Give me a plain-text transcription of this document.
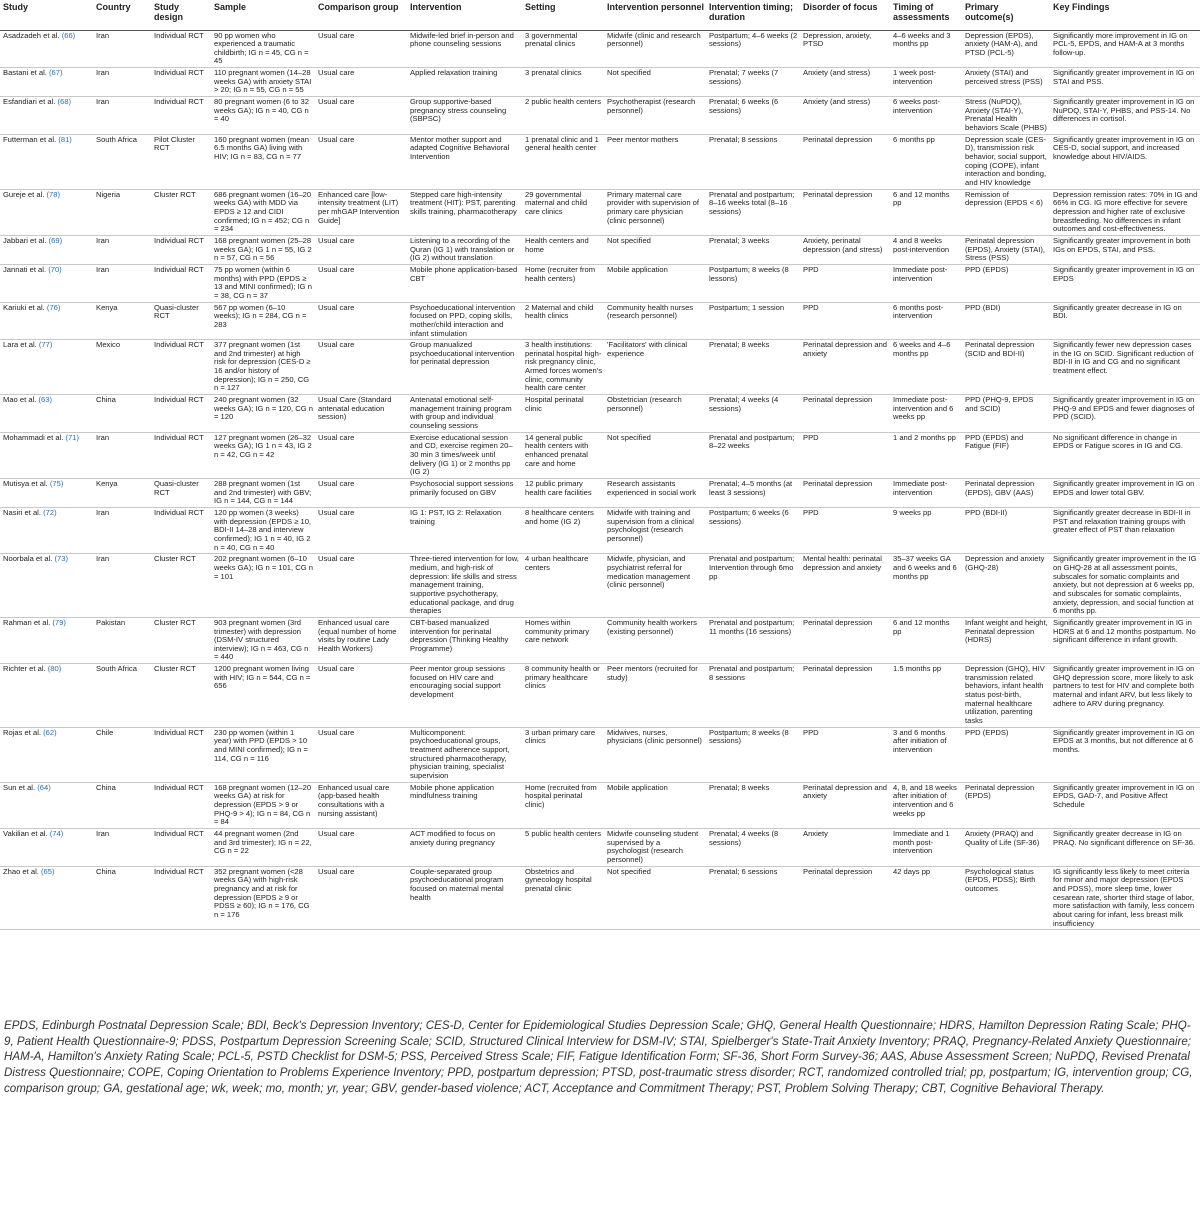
Study	Country	Study design	Sample	Comparison group	Intervention	Setting	Intervention personnel	Intervention timing; duration	Disorder of focus	Timing of assessments	Primary outcome(s)	Key Findings
Asadzadeh et al. (66)	Iran	Individual RCT	90 pp women who experienced a traumatic childbirth; IG n = 45, CG n = 45	Usual care	Midwife-led brief in-person and phone counseling sessions	3 governmental prenatal clinics	Midwife (clinic and research personnel)	Postpartum; 4–6 weeks (2 sessions)	Depression, anxiety, PTSD	4–6 weeks and 3 months pp	Depression (EPDS), anxiety (HAM-A), and PTSD (PCL-5)	Significantly more improvement in IG on PCL-5, EPDS, and HAM-A at 3 months follow-up.
Bastani et al. (67)	Iran	Individual RCT	110 pregnant women (14–28 weeks GA) with anxiety STAI > 20; IG n = 55, CG n = 55	Usual care	Applied relaxation training	3 prenatal clinics	Not specified	Prenatal; 7 weeks (7 sessions)	Anxiety (and stress)	1 week post-intervention	Anxiety (STAI) and perceived stress (PSS)	Significantly greater improvement in IG on STAI and PSS.
Esfandiari et al. (68)	Iran	Individual RCT	80 pregnant women (6 to 32 weeks GA); IG n = 40, CG n = 40	Usual care	Group supportive-based pregnancy stress counseling (SBPSC)	2 public health centers	Psychotherapist (research personnel)	Prenatal; 6 weeks (6 sessions)	Anxiety (and stress)	6 weeks post-intervention	Stress (NuPDQ), Anxiety (STAI-Y), Prenatal Health behaviors Scale (PHBS)	Significantly greater improvement in IG on NuPDQ, STAI-Y, PHBS, and PSS-14. No differences in cortisol.
Futterman et al. (81)	South Africa	Pilot Cluster RCT	160 pregnant women (mean 6.5 months GA) living with HIV; IG n = 83, CG n = 77	Usual care	Mentor mother support and adapted Cognitive Behavioral Intervention	1 prenatal clinic and 1 general health center	Peer mentor mothers	Prenatal; 8 sessions	Perinatal depression	6 months pp	Depression scale (CES-D), transmission risk behavior, social support, coping (COPE), infant interaction and bonding, and HIV knowledge	Significantly greater improvement in IG on CES-D, social support, and increased knowledge about HIV/AIDS.
Gureje et al. (78)	Nigeria	Cluster RCT	686 pregnant women (16–20 weeks GA) with MDD via EPDS ≥ 12 and CIDI confirmed; IG n = 452; CG n = 234	Enhanced care [low-intensity treatment (LIT) per mhGAP Intervention Guide]	Stepped care high-intensity treatment (HIT): PST, parenting skills training, pharmacotherapy	29 governmental maternal and child care clinics	Primary maternal care provider with supervision of primary care physician (clinic personnel)	Prenatal and postpartum; 8–16 weeks total (8–16 sessions)	Perinatal depression	6 and 12 months pp	Remission of depression (EPDS < 6)	Depression remission rates: 70% in IG and 66% in CG. IG more effective for severe depression and higher rate of exclusive breastfeeding. No differences in infant outcomes and cost-effectiveness.
Jabbari et al. (69)	Iran	Individual RCT	168 pregnant women (25–28 weeks GA); IG 1 n = 55, IG 2 n = 57, CG n = 56	Usual care	Listening to a recording of the Quran (IG 1) with translation or (IG 2) without translation	Health centers and home	Not specified	Prenatal; 3 weeks	Anxiety, perinatal depression (and stress)	4 and 8 weeks post-intervention	Perinatal depression (EPDS), Anxiety (STAI), Stress (PSS)	Significantly greater improvement in both IGs on EPDS, STAI, and PSS.
Jannati et al. (70)	Iran	Individual RCT	75 pp women (within 6 months) with PPD (EPDS ≥ 13 and MINI confirmed); IG n = 38, CG n = 37	Usual care	Mobile phone application-based CBT	Home (recruiter from health centers)	Mobile application	Postpartum; 8 weeks (8 lessons)	PPD	Immediate post-intervention	PPD (EPDS)	Significantly greater improvement in IG on EPDS
Kariuki et al. (76)	Kenya	Quasi-cluster RCT	567 pp women (6–10 weeks); IG n = 284, CG n = 283	Usual care	Psychoeducational intervention focused on PPD, coping skills, mother/child interaction and infant stimulation	2 Maternal and child health clinics	Community health nurses (research personnel)	Postpartum; 1 session	PPD	6 months post-intervention	PPD (BDI)	Significantly greater decrease in IG on BDI.
Lara et al. (77)	Mexico	Individual RCT	377 pregnant women (1st and 2nd trimester) at high risk for depression (CES-D ≥ 16 and/or history of depression); IG n = 250, CG n = 127	Usual care	Group manualized psychoeducational intervention for perinatal depression	3 health institutions: perinatal hospital high-risk pregnancy clinic, Armed forces women's clinic, community health care center	'Facilitators' with clinical experience	Prenatal; 8 weeks	Perinatal depression and anxiety	6 weeks and 4–6 months pp	Perinatal depression (SCID and BDI-II)	Significantly fewer new depression cases in the IG on SCID. Significant reduction of BDI-II in IG and CG and no significant treatment effect.
Mao et al. (63)	China	Individual RCT	240 pregnant women (32 weeks GA); IG n = 120, CG n = 120	Usual Care (Standard antenatal education session)	Antenatal emotional self-management training program with group and individual counseling sessions	Hospital perinatal clinic	Obstetrician (research personnel)	Prenatal; 4 weeks (4 sessions)	Perinatal depression	Immediate post-intervention and 6 weeks pp	PPD (PHQ-9, EPDS and SCID)	Significantly greater improvement in IG on PHQ-9 and EPDS and fewer diagnoses of PPD (SCID).
Mohammadi et al. (71)	Iran	Individual RCT	127 pregnant women (26–32 weeks GA); IG 1 n = 43, IG 2 n = 42, CG n = 42	Usual care	Exercise educational session and CD, exercise regimen 20–30 min 3 times/week until delivery (IG 1) or 2 months pp (IG 2)	14 general public health centers with enhanced prenatal care and home	Not specified	Prenatal and postpartum; 8–22 weeks	PPD	1 and 2 months pp	PPD (EPDS) and Fatigue (FIF)	No significant difference in change in EPDS or Fatigue scores in IG and CG.
Mutisya et al. (75)	Kenya	Quasi-cluster RCT	288 pregnant women (1st and 2nd trimester) with GBV; IG n = 144, CG n = 144	Usual care	Psychosocial support sessions primarily focused on GBV	12 public primary health care facilities	Research assistants experienced in social work	Prenatal; 4–5 months (at least 3 sessions)	Perinatal depression	Immediate post-intervention	Perinatal depression (EPDS), GBV (AAS)	Significantly greater improvement in IG on EPDS and lower total GBV.
Nasiri et al. (72)	Iran	Individual RCT	120 pp women (3 weeks) with depression (EPDS ≥ 10, BDI-II 14–28 and interview confirmed); IG 1 n = 40, IG 2 n = 40, CG n = 40	Usual care	IG 1: PST, IG 2: Relaxation training	8 healthcare centers and home (IG 2)	Midwife with training and supervision from a clinical psychologist (research personnel)	Postpartum; 6 weeks (6 sessions)	PPD	9 weeks pp	PPD (BDI-II)	Significantly greater decrease in BDI-II in PST and relaxation training groups with greater effect of PST than relaxation
Noorbala et al. (73)	Iran	Cluster RCT	202 pregnant women (6–10 weeks GA); IG n = 101, CG n = 101	Usual care	Three-tiered intervention for low, medium, and high-risk of depression: life skills and stress management training, supportive psychotherapy, educational package, and drug therapies	4 urban healthcare centers	Midwife, physician, and psychiatrist referral for medication management (clinic personnel)	Prenatal and postpartum; Intervention through 6mo pp	Mental health: perinatal depression and anxiety	35–37 weeks GA and 6 weeks and 6 months pp	Depression and anxiety (GHQ-28)	Significantly greater improvement in the IG on GHQ-28 at all assessment points, subscales for somatic complaints and anxiety, but not depression at 6 weeks pp, and subscales for somatic complaints, anxiety, depression, and social function at 6 months pp.
Rahman et al. (79)	Pakistan	Cluster RCT	903 pregnant women (3rd trimester) with depression (DSM-IV structured interview); IG n = 463, CG n = 440	Enhanced usual care (equal number of home visits by routine Lady Health Workers)	CBT-based manualized intervention for perinatal depression (Thinking Healthy Programme)	Homes within community primary care network	Community health workers (existing personnel)	Prenatal and postpartum; 11 months (16 sessions)	Perinatal depression	6 and 12 months pp	Infant weight and height, Perinatal depression (HDRS)	Significantly greater improvement in IG in HDRS at 6 and 12 months postpartum. No significant difference in infant growth.
Richter et al. (80)	South Africa	Cluster RCT	1200 pregnant women living with HIV; IG n = 544, CG n = 656	Usual care	Peer mentor group sessions focused on HIV care and encouraging social support development	8 community health or primary healthcare clinics	Peer mentors (recruited for study)	Prenatal and postpartum; 8 sessions	Perinatal depression	1.5 months pp	Depression (GHQ), HIV transmission related behaviors, infant health status post-birth, maternal healthcare utilization, parenting tasks	Significantly greater improvement in IG on GHQ depression score, more likely to ask partners to test for HIV and complete both maternal and infant ARV, but less likely to adhere to ARV during pregnancy.
Rojas et al. (62)	Chile	Individual RCT	230 pp women (within 1 year) with PPD (EPDS > 10 and MINI confirmed); IG n = 114, CG n = 116	Usual care	Multicomponent: psychoeducational groups, treatment adherence support, structured pharmacotherapy, physician training, specialist supervision	3 urban primary care clinics	Midwives, nurses, physicians (clinic personnel)	Postpartum; 8 weeks (8 sessions)	PPD	3 and 6 months after initiation of intervention	PPD (EPDS)	Significantly greater improvement in IG on EPDS at 3 months, but not difference at 6 months.
Sun et al. (64)	China	Individual RCT	168 pregnant women (12–20 weeks GA) at risk for depression (EPDS > 9 or PHQ-9 > 4); IG n = 84, CG n = 84	Enhanced usual care (app-based health consultations with a nursing assistant)	Mobile phone application mindfulness training	Home (recruited from hospital perinatal clinic)	Mobile application	Prenatal; 8 weeks	Perinatal depression and anxiety	4, 8, and 18 weeks after initiation of intervention and 6 weeks pp	Perinatal depression (EPDS)	Significantly greater improvement in IG on EPDS, GAD-7, and Positive Affect Schedule
Vakilian et al. (74)	Iran	Individual RCT	44 pregnant women (2nd and 3rd trimester); IG n = 22, CG n = 22	Usual care	ACT modified to focus on anxiety during pregnancy	5 public health centers	Midwife counseling student supervised by a psychologist (research personnel)	Prenatal; 4 weeks (8 sessions)	Anxiety	Immediate and 1 month post-intervention	Anxiety (PRAQ) and Quality of Life (SF-36)	Significantly greater decrease in IG on PRAQ. No significant difference on SF-36.
Zhao et al. (65)	China	Individual RCT	352 pregnant women (<28 weeks GA) with high-risk pregnancy and at risk for depression (EPDS ≥ 9 or PDSS ≥ 60); IG n = 176, CG n = 176	Usual care	Couple-separated group psychoeducational program focused on maternal mental health	Obstetrics and gynecology hospital prenatal clinic	Not specified	Prenatal; 6 sessions	Perinatal depression	42 days pp	Psychological status (EPDS, PDSS); Birth outcomes	IG significantly less likely to meet criteria for minor and major depression (EPDS and PDSS), more sleep time, lower cesarean rate, shorter third stage of labor, more satisfaction with family, less concern about caring for infant, less breast milk insufficiency
EPDS, Edinburgh Postnatal Depression Scale; BDI, Beck's Depression Inventory; CES-D, Center for Epidemiological Studies Depression Scale; GHQ, General Health Questionnaire; HDRS, Hamilton Depression Rating Scale; PHQ-9, Patient Health Questionnaire-9; PDSS, Postpartum Depression Screening Scale; SCID, Structured Clinical Interview for DSM-IV; STAI, Spielberger's State-Trait Anxiety Inventory; PRAQ, Pregnancy-Related Anxiety Questionnaire; HAM-A, Hamilton's Anxiety Rating Scale; PCL-5, PSTD Checklist for DSM-5; PSS, Perceived Stress Scale; FIF, Fatigue Identification Form; SF-36, Short Form Survey-36; AAS, Abuse Assessment Screen; NuPDQ, Revised Prenatal Distress Questionnaire; COPE, Coping Orientation to Problems Experience Inventory; PPD, postpartum depression; PTSD, post-traumatic stress disorder; RCT, randomized controlled trial; pp, postpartum; IG, intervention group; CG, comparison group; GA, gestational age; wk, week; mo, month; yr, year; GBV, gender-based violence; ACT, Acceptance and Commitment Therapy; PST, Problem Solving Therapy; CBT, Cognitive Behavioral Therapy.
